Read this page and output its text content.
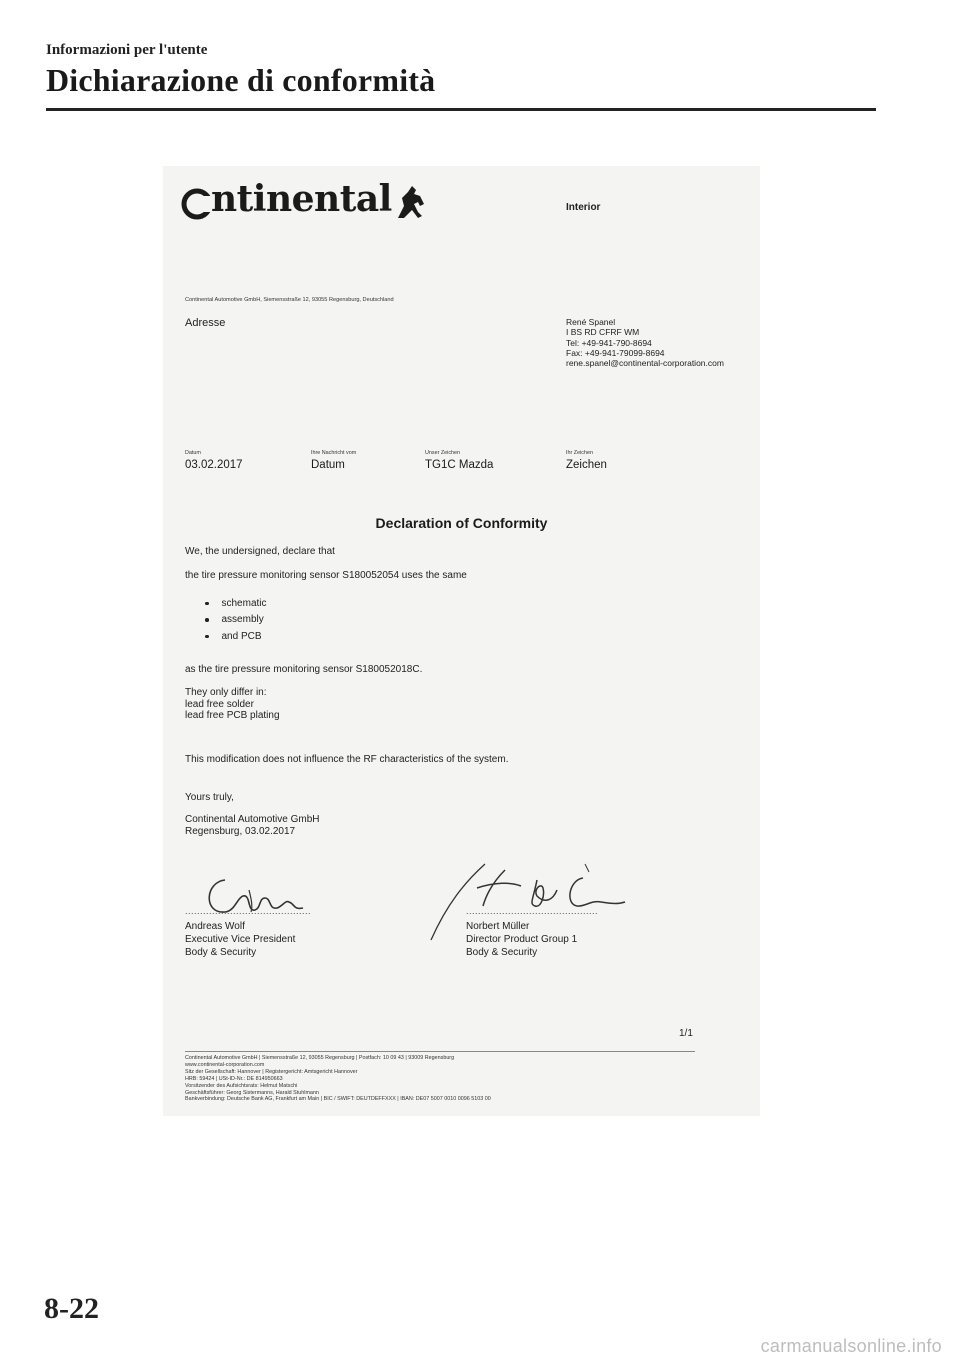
Informazioni per l'utente
Dichiarazione di conformità
ntinental	Interior
Continental Automotive GmbH, Siemensstraße 12, 93055 Regensburg, Deutschland
Adresse	René Spanel
I BS RD CFRF WM
Tel: +49-941-790-8694
Fax: +49-941-79099-8694
rene.spanel@continental-corporation.com
Datum
03.02.2017
Ihre Nachricht vom
Datum
Unser Zeichen
TG1C Mazda
Ihr Zeichen
Zeichen
Declaration of Conformity
We, the undersigned, declare that
the tire pressure monitoring sensor S180052054 uses the same
schematic
assembly
and PCB
as the tire pressure monitoring sensor S180052018C.
They only differ in:
lead free solder
lead free PCB plating
This modification does not influence the RF characteristics of the system.
Yours truly,
Continental Automotive GmbH
Regensburg, 03.02.2017
..........................................
Andreas Wolf
Executive Vice President
Body & Security
............................................
Norbert Müller
Director Product Group 1
Body & Security
1/1
Continental Automotive GmbH | Siemensstraße 12, 93055 Regensburg | Postfach: 10 09 43 | 93009 Regensburg
www.continental-corporation.com
Sitz der Gesellschaft: Hannover | Registergericht: Amtsgericht Hannover
HRB: 59424 | USt-ID-Nr.: DE 814950663
Vorsitzender des Aufsichtsrats: Helmut Matschi
Geschäftsführer: Georg Sistermanns, Harald Stuhlmann
Bankverbindung: Deutsche Bank AG, Frankfurt am Main | BIC / SWIFT: DEUTDEFFXXX | IBAN: DE07 5007 0010 0096 5103 00
8-22
carmanualsonline.info
